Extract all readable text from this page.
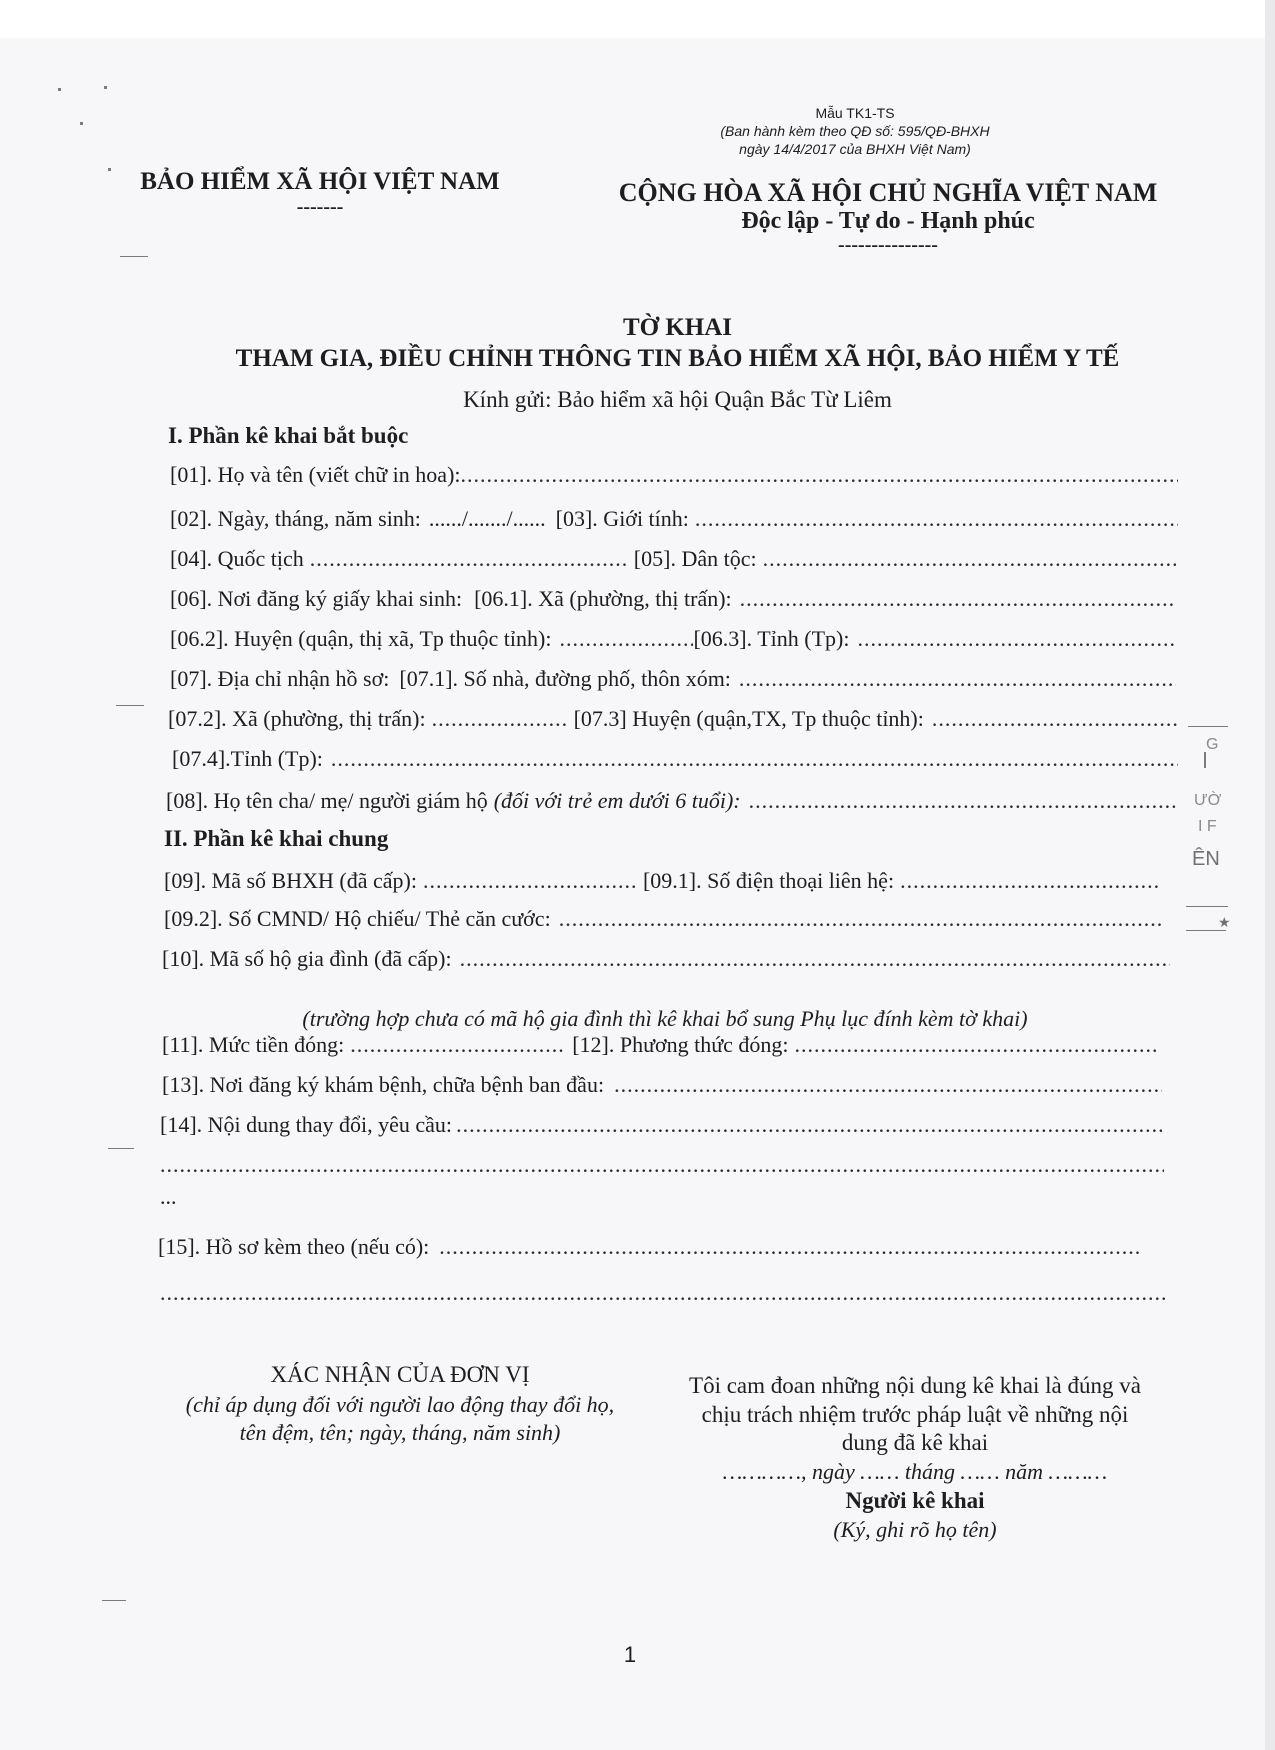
Mẫu TK1-TS
(Ban hành kèm theo QĐ số: 595/QĐ-BHXH
ngày 14/4/2017 của BHXH Việt Nam)
BẢO HIỂM XÃ HỘI VIỆT NAM
-------	CỘNG HÒA XÃ HỘI CHỦ NGHĨA VIỆT NAM
Độc lập - Tự do - Hạnh phúc
---------------
TỜ KHAI
THAM GIA, ĐIỀU CHỈNH THÔNG TIN BẢO HIỂM XÃ HỘI, BẢO HIỂM Y TẾ
Kính gửi: Bảo hiểm xã hội Quận Bắc Từ Liêm
I. Phần kê khai bắt buộc
[01]. Họ và tên (viết chữ in hoa):
.....
[02]. Ngày, tháng, năm sinh: ....../......./...... [03]. Giới tính:
.....
[04]. Quốc tịch .....	[05]. Dân tộc:
.....
[06]. Nơi đăng ký giấy khai sinh: [06.1]. Xã (phường, thị trấn):
.....
[06.2]. Huyện (quận, thị xã, Tp thuộc tỉnh): .....	[06.3]. Tỉnh (Tp):
.....
[07]. Địa chỉ nhận hồ sơ: [07.1]. Số nhà, đường phố, thôn xóm:
.....
[07.2]. Xã (phường, thị trấn): .....	[07.3] Huyện (quận,TX, Tp thuộc tỉnh):
.....
[07.4].Tỉnh (Tp):
.....
[08]. Họ tên cha/ mẹ/ người giám hộ (đối với trẻ em dưới 6 tuổi):
.....
II. Phần kê khai chung
[09]. Mã số BHXH (đã cấp): .....	[09.1]. Số điện thoại liên hệ:
.....
[09.2]. Số CMND/ Hộ chiếu/ Thẻ căn cước:
.....
[10]. Mã số hộ gia đình (đã cấp):
.....
(trường hợp chưa có mã hộ gia đình thì kê khai bổ sung Phụ lục đính kèm tờ khai)
[11]. Mức tiền đóng: .....	[12]. Phương thức đóng:
.....
[13]. Nơi đăng ký khám bệnh, chữa bệnh ban đầu:
.....
[14]. Nội dung thay đổi, yêu cầu:
.....
.....
...
[15]. Hồ sơ kèm theo (nếu có):
.....
.....
XÁC NHẬN CỦA ĐƠN VỊ
(chỉ áp dụng đối với người lao động thay đổi họ,
tên đệm, tên; ngày, tháng, năm sinh)
Tôi cam đoan những nội dung kê khai là đúng và
chịu trách nhiệm trước pháp luật về những nội
dung đã kê khai
…………, ngày …… tháng …… năm ………
Người kê khai
(Ký, ghi rõ họ tên)
1
G
ƯỜ
I F
ÊN
★
